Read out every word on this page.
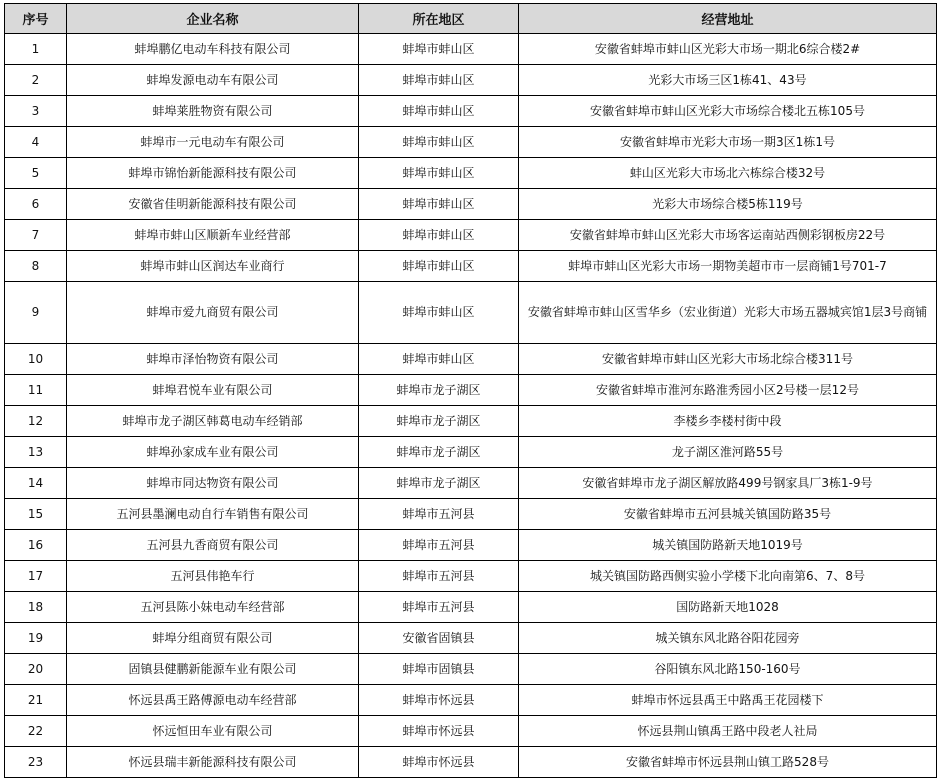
序号	企业名称	所在地区	经营地址
1	蚌埠鹏亿电动车科技有限公司	蚌埠市蚌山区	安徽省蚌埠市蚌山区光彩大市场一期北6综合楼2#
2	蚌埠发源电动车有限公司	蚌埠市蚌山区	光彩大市场三区1栋41、43号
3	蚌埠莱胜物资有限公司	蚌埠市蚌山区	安徽省蚌埠市蚌山区光彩大市场综合楼北五栋105号
4	蚌埠市一元电动车有限公司	蚌埠市蚌山区	安徽省蚌埠市光彩大市场一期3区1栋1号
5	蚌埠市锦怡新能源科技有限公司	蚌埠市蚌山区	蚌山区光彩大市场北六栋综合楼32号
6	安徽省佳明新能源科技有限公司	蚌埠市蚌山区	光彩大市场综合楼5栋119号
7	蚌埠市蚌山区顺新车业经营部	蚌埠市蚌山区	安徽省蚌埠市蚌山区光彩大市场客运南站西侧彩钢板房22号
8	蚌埠市蚌山区润达车业商行	蚌埠市蚌山区	蚌埠市蚌山区光彩大市场一期物美超市市一层商铺1号701-7
9	蚌埠市爱九商贸有限公司	蚌埠市蚌山区	安徽省蚌埠市蚌山区雪华乡（宏业街道）光彩大市场五器城宾馆1层3号商铺
10	蚌埠市泽怡物资有限公司	蚌埠市蚌山区	安徽省蚌埠市蚌山区光彩大市场北综合楼311号
11	蚌埠君悦车业有限公司	蚌埠市龙子湖区	安徽省蚌埠市淮河东路淮秀园小区2号楼一层12号
12	蚌埠市龙子湖区韩葛电动车经销部	蚌埠市龙子湖区	李楼乡李楼村街中段
13	蚌埠孙家成车业有限公司	蚌埠市龙子湖区	龙子湖区淮河路55号
14	蚌埠市同达物资有限公司	蚌埠市龙子湖区	安徽省蚌埠市龙子湖区解放路499号钢家具厂3栋1-9号
15	五河县墨澜电动自行车销售有限公司	蚌埠市五河县	安徽省蚌埠市五河县城关镇国防路35号
16	五河县九香商贸有限公司	蚌埠市五河县	城关镇国防路新天地1019号
17	五河县伟艳车行	蚌埠市五河县	城关镇国防路西侧实验小学楼下北向南第6、7、8号
18	五河县陈小妹电动车经营部	蚌埠市五河县	国防路新天地1028
19	蚌埠分组商贸有限公司	安徽省固镇县	城关镇东风北路谷阳花园旁
20	固镇县健鹏新能源车业有限公司	蚌埠市固镇县	谷阳镇东风北路150-160号
21	怀远县禹王路傅源电动车经营部	蚌埠市怀远县	蚌埠市怀远县禹王中路禹王花园楼下
22	怀远恒田车业有限公司	蚌埠市怀远县	怀远县荆山镇禹王路中段老人社局
23	怀远县瑞丰新能源科技有限公司	蚌埠市怀远县	安徽省蚌埠市怀远县荆山镇工路528号
